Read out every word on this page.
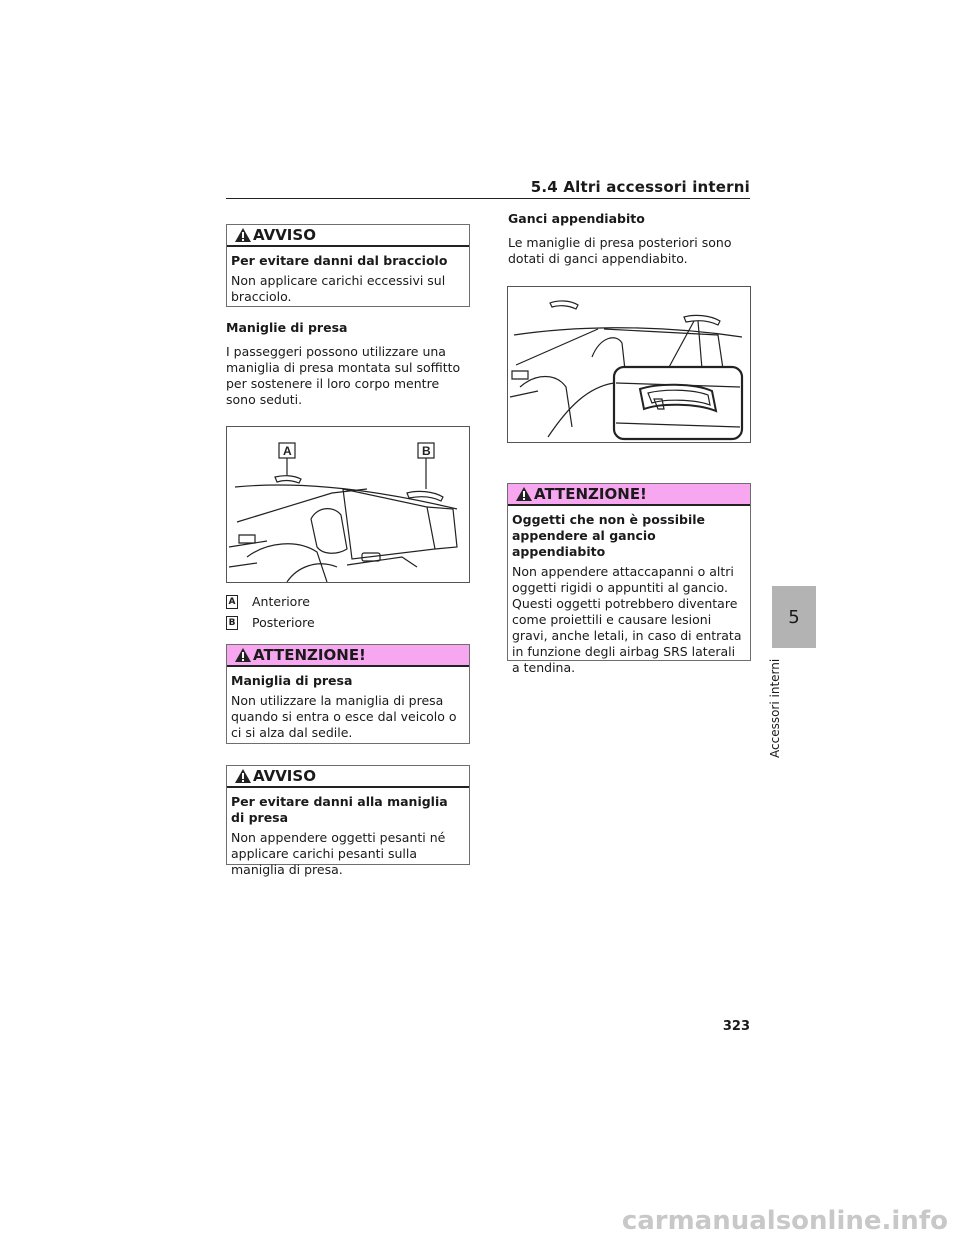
5.4 Altri accessori interni
AVVISO
Per evitare danni dal bracciolo
Non applicare carichi eccessivi sul bracciolo.
Maniglie di presa
I passeggeri possono utilizzare una maniglia di presa montata sul soffitto per sostenere il loro corpo mentre sono seduti.
A	B
A Anteriore
B Posteriore
ATTENZIONE!
Maniglia di presa
Non utilizzare la maniglia di presa quando si entra o esce dal veicolo o ci si alza dal sedile.
AVVISO
Per evitare danni alla maniglia di presa
Non appendere oggetti pesanti né applicare carichi pesanti sulla maniglia di presa.
Ganci appendiabito
Le maniglie di presa posteriori sono dotati di ganci appendiabito.
ATTENZIONE!
Oggetti che non è possibile appendere al gancio appendiabito
Non appendere attaccapanni o altri oggetti rigidi o appuntiti al gancio. Questi oggetti potrebbero diventare come proiettili e causare lesioni gravi, anche letali, in caso di entrata in funzione degli airbag SRS laterali a tendina.
5
Accessori interni
323
carmanualsonline.info
